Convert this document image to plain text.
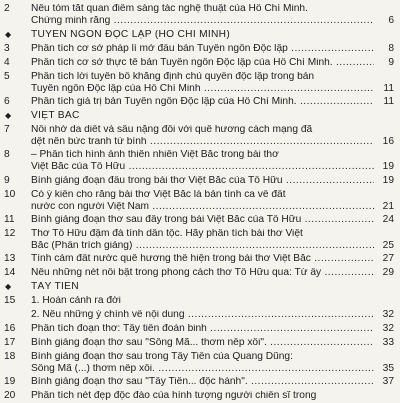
2	Nêu tóm tắt quan điểm sáng tác nghệ thuật của Hồ Chí Minh.
Chứng minh rằng .....	6
◆ TUYÊN NGÔN ĐỘC LẬP (HỒ CHÍ MINH)
3	Phân tích cơ sở pháp lí mở đầu bản Tuyên ngôn Độc lập .....	8
4	Phân tích cơ sở thực tế bản Tuyên ngôn Độc lập của Hồ Chí Minh. .....	9
5	Phân tích lời tuyên bố khẳng định chủ quyền độc lập trong bản
Tuyên ngôn Độc lập của Hồ Chí Minh .....	11
6	Phân tích giá trị bản Tuyên ngôn Độc lập của Hồ Chí Minh. .....	11
◆ VIỆT BẮC
7	Nỗi nhớ da diết và sâu nặng đối với quê hương cách mạng đã
dệt nên bức tranh tứ bình .....	16
8	– Phân tích hình ảnh thiên nhiên Việt Bắc trong bài thơ
Việt Bắc của Tố Hữu .....	19
9	Bình giảng đoạn đầu trong bài thơ Việt Bắc của Tố Hữu .....	19
10	Có ý kiến cho rằng bài thơ Việt Bắc là bản tình ca về đất
nước con người Việt Nam .....	21
11	Bình giảng đoạn thơ sau đây trong bài Việt Bắc của Tố Hữu .....	24
12	Thơ Tố Hữu đậm đà tính dân tộc. Hãy phân tích bài thơ Việt
Bắc (Phần trích giảng) .....	25
13	Tình cảm đất nước quê hương thể hiện trong bài thơ Việt Bắc .....	27
14	Nêu những nét nổi bật trong phong cách thơ Tố Hữu qua: Từ ấy .....	29
◆ TÂY TIẾN
15	1. Hoàn cảnh ra đời
2. Nêu những ý chính về nội dung .....	32
16	Phân tích đoạn thơ: Tây tiến đoàn binh .....	32
17	Bình giảng đoạn thơ sau "Sông Mã... thơm nếp xôi". .....	33
18	Bình giảng đoạn thơ sau trong Tây Tiến của Quang Dũng:
Sông Mã (...) thơm nếp xôi. .....	35
19	Bình giảng đoạn thơ sau "Tây Tiến... độc hành". .....	37
20	Phân tích nét đẹp độc đáo của hình tượng người chiến sĩ trong
